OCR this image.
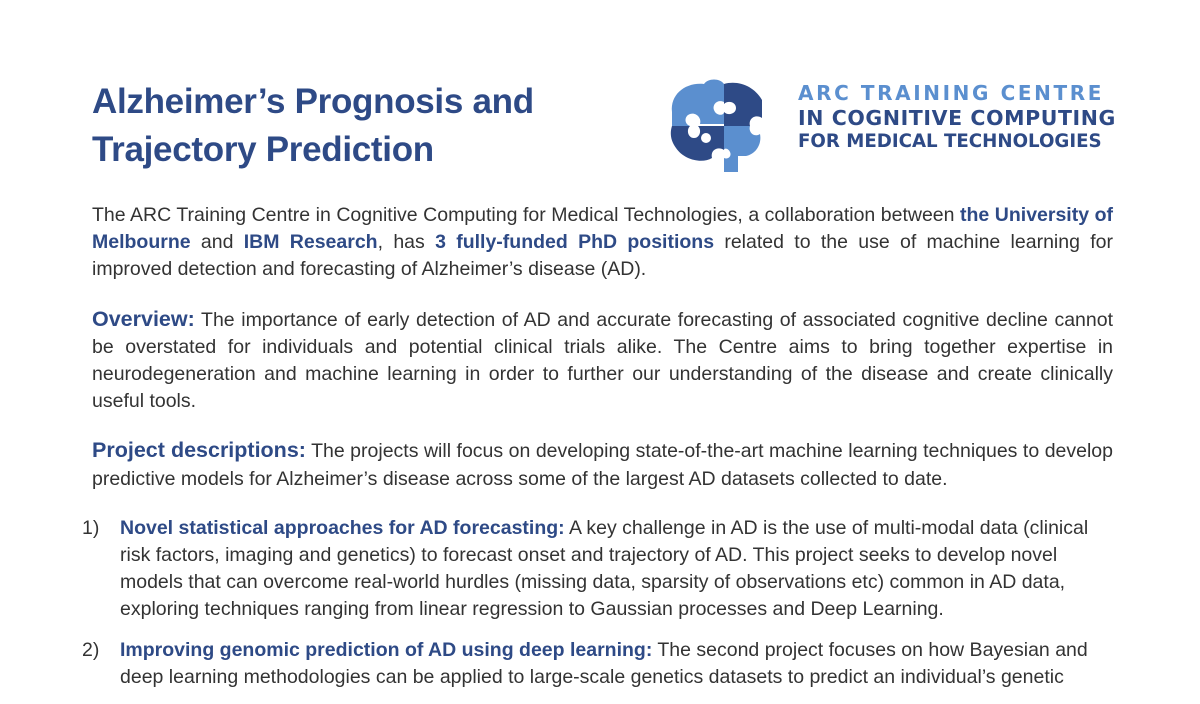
Alzheimer’s Prognosis and
Trajectory Prediction
ARC TRAINING CENTRE
IN COGNITIVE COMPUTING
FOR MEDICAL TECHNOLOGIES

The ARC Training Centre in Cognitive Computing for Medical Technologies, a collaboration between the University of Melbourne and IBM Research, has 3 fully-funded PhD positions related to the use of machine learning for improved detection and forecasting of Alzheimer’s disease (AD).

Overview: The importance of early detection of AD and accurate forecasting of associated cognitive decline cannot be overstated for individuals and potential clinical trials alike. The Centre aims to bring together expertise in neurodegeneration and machine learning in order to further our understanding of the disease and create clinically useful tools.

Project descriptions: The projects will focus on developing state-of-the-art machine learning techniques to develop predictive models for Alzheimer’s disease across some of the largest AD datasets collected to date.

1) Novel statistical approaches for AD forecasting: A key challenge in AD is the use of multi-modal data (clinical risk factors, imaging and genetics) to forecast onset and trajectory of AD. This project seeks to develop novel models that can overcome real-world hurdles (missing data, sparsity of observations etc) common in AD data, exploring techniques ranging from linear regression to Gaussian processes and Deep Learning.
2) Improving genomic prediction of AD using deep learning: The second project focuses on how Bayesian and deep learning methodologies can be applied to large-scale genetics datasets to predict an individual’s genetic
